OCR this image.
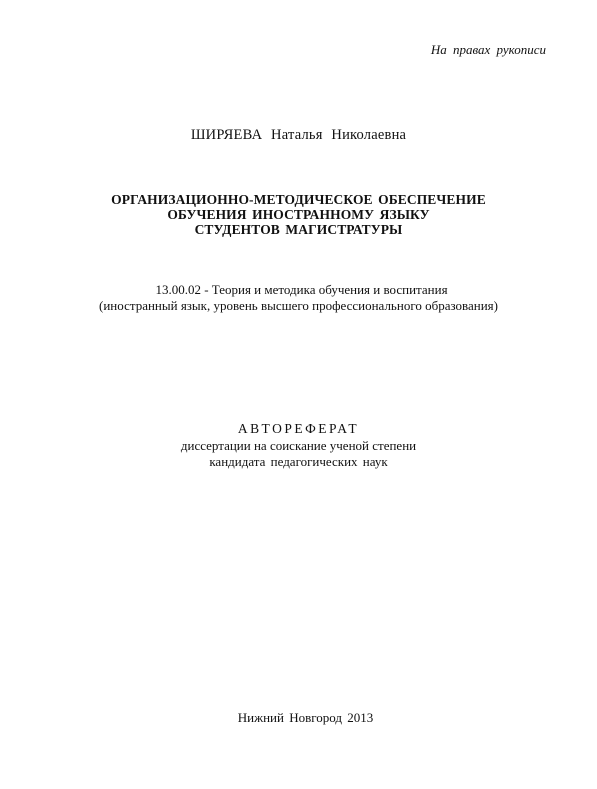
На правах рукописи
ШИРЯЕВА Наталья Николаевна
ОРГАНИЗАЦИОННО-МЕТОДИЧЕСКОЕ ОБЕСПЕЧЕНИЕ
ОБУЧЕНИЯ ИНОСТРАННОМУ ЯЗЫКУ
СТУДЕНТОВ МАГИСТРАТУРЫ
13.00.02 - Теория и методика обучения и воспитания
(иностранный язык, уровень высшего профессионального образования)
АВТОРЕФЕРАТ
диссертации на соискание ученой степени
кандидата педагогических наук
Нижний Новгород 2013
